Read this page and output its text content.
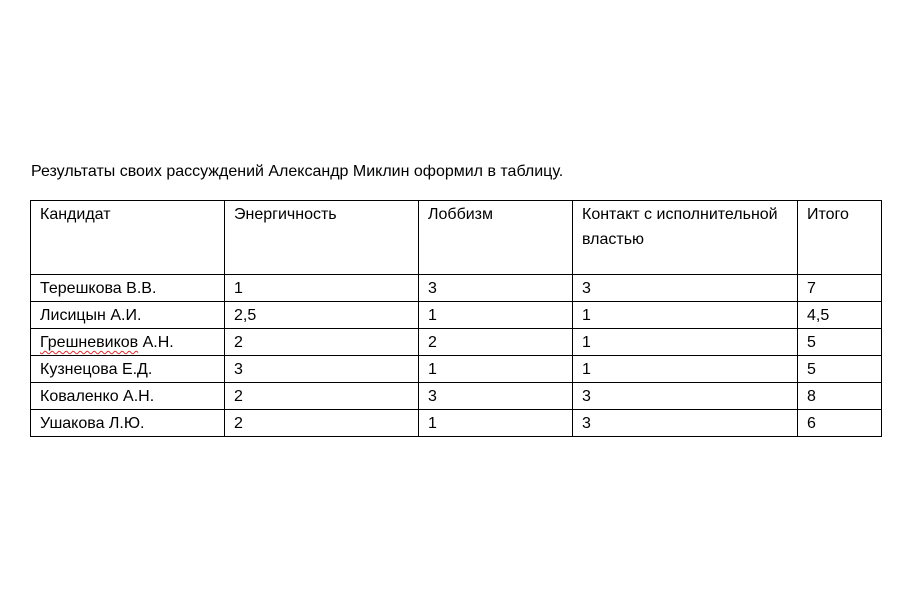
Результаты своих рассуждений Александр Миклин оформил в таблицу.
Кандидат	Энергичность	Лоббизм	Контакт с исполнительной властью	Итого
Терешкова В.В.	1	3	3	7
Лисицын А.И.	2,5	1	1	4,5
Грешневиков А.Н.	2	2	1	5
Кузнецова Е.Д.	3	1	1	5
Коваленко А.Н.	2	3	3	8
Ушакова Л.Ю.	2	1	3	6
